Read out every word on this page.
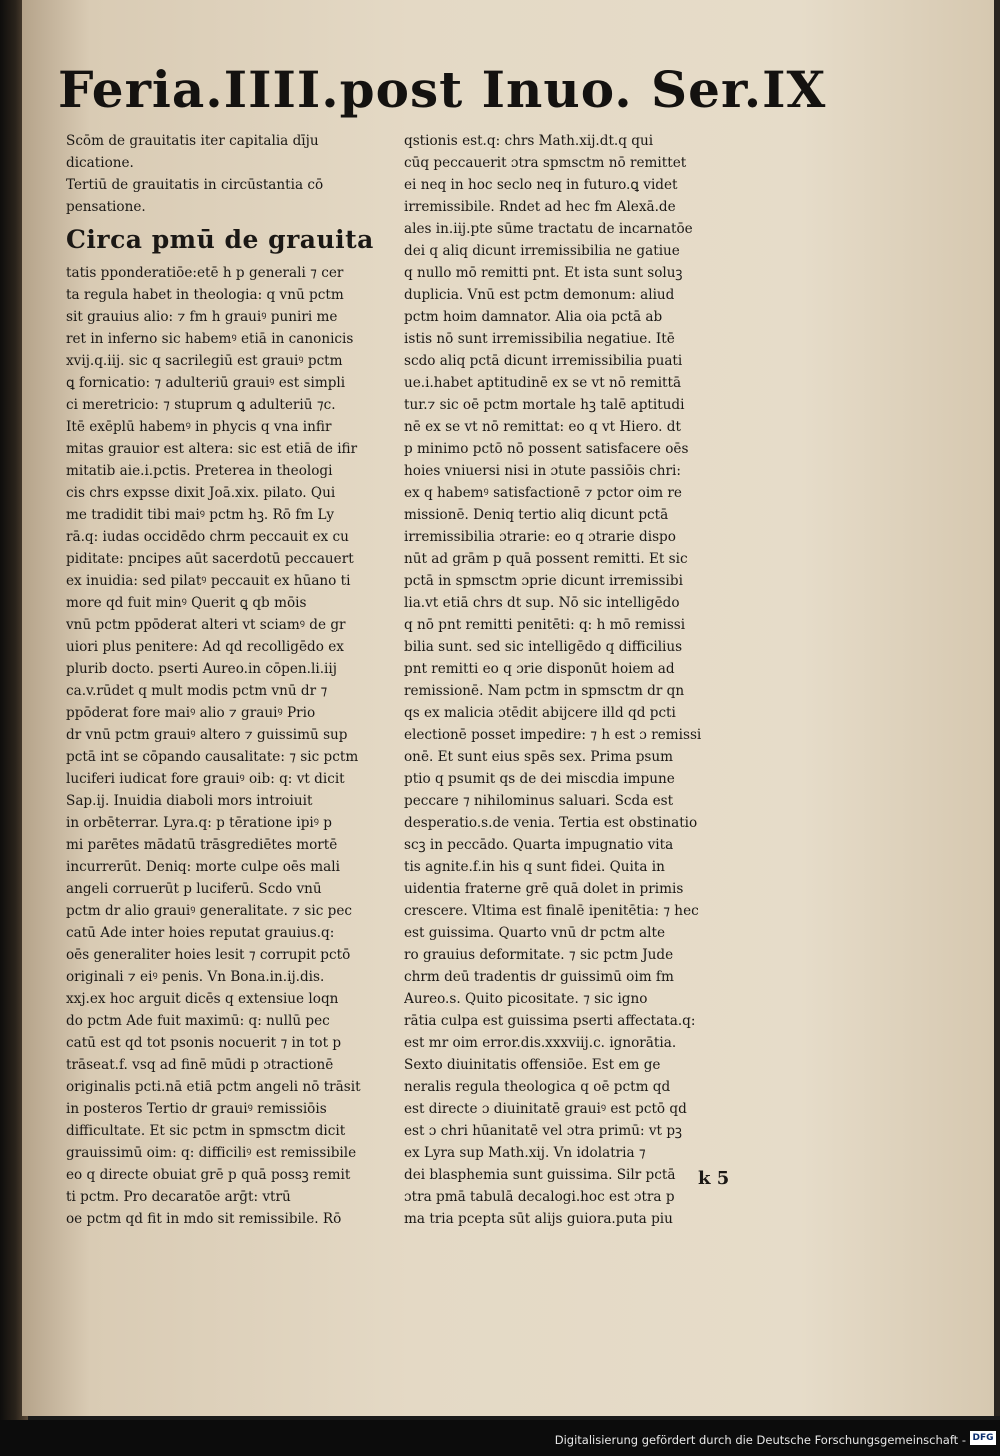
Feria.IIII.post Inuo. Ser.IX
Scōm de grauitatis iter capitalia dīju
dicatione.
Tertiū de grauitatis in circūstantia cō
pensatione.
Circa pmū de grauita
tatis pponderatiōe:etē h p generali ⁊ cer
ta regula habet in theologia: q vnū pctm
sit grauius alio: ⁊ fm h grauiꝰ puniri me
ret in inferno sic habemꝰ etiā in canonicis
xvij.q.iij. sic q sacrilegiū est grauiꝰ pctm
ꝗ fornicatio: ⁊ adulteriū grauiꝰ est simpli
ci meretricio: ⁊ stuprum ꝗ adulteriū ⁊c.
Itē exēplū habemꝰ in phycis q vna infir
mitas grauior est altera: sic est etiā de ifir
mitatib aie.i.pctis. Preterea in theologi
cis chrs expsse dixit Joā.xix. pilato. Qui
me tradidit tibi maiꝰ pctm hꝫ. Rō fm Ly
rā.q: iudas occidēdo chrm peccauit ex cu
piditate: pncipes aūt sacerdotū peccauert
ex inuidia: sed pilatꝰ peccauit ex hūano ti
more qd fuit minꝰ Querit ꝗ qb mōis
vnū pctm ppōderat alteri vt sciamꝰ de gr
uiori plus penitere: Ad qd recolligēdo ex
plurib docto. pserti Aureo.in cōpen.li.iij
ca.v.rūdet q mult modis pctm vnū dr ⁊
ppōderat fore maiꝰ alio ⁊ grauiꝰ Prio
dr vnū pctm grauiꝰ altero ⁊ guissimū sup
pctā int se cōpando causalitate: ⁊ sic pctm
luciferi iudicat fore grauiꝰ oib: q: vt dicit
Sap.ij. Inuidia diaboli mors introiuit
in orbēterrar. Lyra.q: p tēratione ipiꝰ p
mi parētes mādatū trāsgrediētes mortē
incurrerūt. Deniq: morte culpe oēs mali
angeli corruerūt p luciferū. Scdo vnū
pctm dr alio grauiꝰ generalitate. ⁊ sic pec
catū Ade inter hoies reputat grauius.q:
oēs generaliter hoies lesit ⁊ corrupit pctō
originali ⁊ eiꝰ penis. Vn Bona.in.ij.dis.
xxj.ex hoc arguit dicēs q extensiue loqn
do pctm Ade fuit maximū: q: nullū pec
catū est qd tot psonis nocuerit ⁊ in tot p
trāseat.f. vsq ad finē mūdi p ɔtractionē
originalis pcti.nā etiā pctm angeli nō trāsit
in posteros Tertio dr grauiꝰ remissiōis
difficultate. Et sic pctm in spmsctm dicit
grauissimū oim: q: difficiliꝰ est remissibile
eo q directe obuiat grē p quā possꝫ remit
ti pctm. Pro decaratōe arḡt: vtrū
oe pctm qd fit in mdo sit remissibile. Rō
qstionis est.q: chrs Math.xij.dt.q qui
cūq peccauerit ɔtra spmsctm nō remittet
ei neq in hoc seclo neq in futuro.ꝗ videt
irremissibile. Rndet ad hec fm Alexā.de
ales in.iij.pte sūme tractatu de incarnatōe
dei q aliq dicunt irremissibilia ne gatiue
q nullo mō remitti pnt. Et ista sunt soluꝫ
duplicia. Vnū est pctm demonum: aliud
pctm hoim damnator. Alia oia pctā ab
istis nō sunt irremissibilia negatiue. Itē
scdo aliq pctā dicunt irremissibilia puati
ue.i.habet aptitudinē ex se vt nō remittā
tur.⁊ sic oē pctm mortale hꝫ talē aptitudi
nē ex se vt nō remittat: eo q vt Hiero. dt
p minimo pctō nō possent satisfacere oēs
hoies vniuersi nisi in ɔtute passiōis chri:
ex q habemꝰ satisfactionē ⁊ pctor oim re
missionē. Deniq tertio aliq dicunt pctā
irremissibilia ɔtrarie: eo q ɔtrarie dispo
nūt ad grām p quā possent remitti. Et sic
pctā in spmsctm ɔprie dicunt irremissibi
lia.vt etiā chrs dt sup. Nō sic intelligēdo
q nō pnt remitti penitēti: q: h mō remissi
bilia sunt. sed sic intelligēdo q difficilius
pnt remitti eo q ɔrie disponūt hoiem ad
remissionē. Nam pctm in spmsctm dr qn
qs ex malicia ɔtēdit abijcere illd qd pcti
electionē posset impedire: ⁊ h est ɔ remissi
onē. Et sunt eius spēs sex. Prima psum
ptio q psumit qs de dei miscdia impune
peccare ⁊ nihilominus saluari. Scda est
desperatio.s.de venia. Tertia est obstinatio
scꝫ in peccādo. Quarta impugnatio vita
tis agnite.f.in his q sunt fidei. Quita in
uidentia fraterne grē quā dolet in primis
crescere. Vltima est finalē ipenitētia: ⁊ hec
est guissima. Quarto vnū dr pctm alte
ro grauius deformitate. ⁊ sic pctm Jude
chrm deū tradentis dr guissimū oim fm
Aureo.s. Quito picositate. ⁊ sic igno
rātia culpa est guissima pserti affectata.q:
est mr oim error.dis.xxxviij.c. ignorātia.
Sexto diuinitatis offensiōe. Est em ge
neralis regula theologica q oē pctm qd
est directe ɔ diuinitatē grauiꝰ est pctō qd
est ɔ chri hūanitatē vel ɔtra primū: vt pꝫ
ex Lyra sup Math.xij. Vn idolatria ⁊
dei blasphemia sunt guissima. Silr pctā
ɔtra pmā tabulā decalogi.hoc est ɔtra p
ma tria pcepta sūt alijs guiora.puta piu
k 5
Digitalisierung gefördert durch die Deutsche Forschungsgemeinschaft - DFG
